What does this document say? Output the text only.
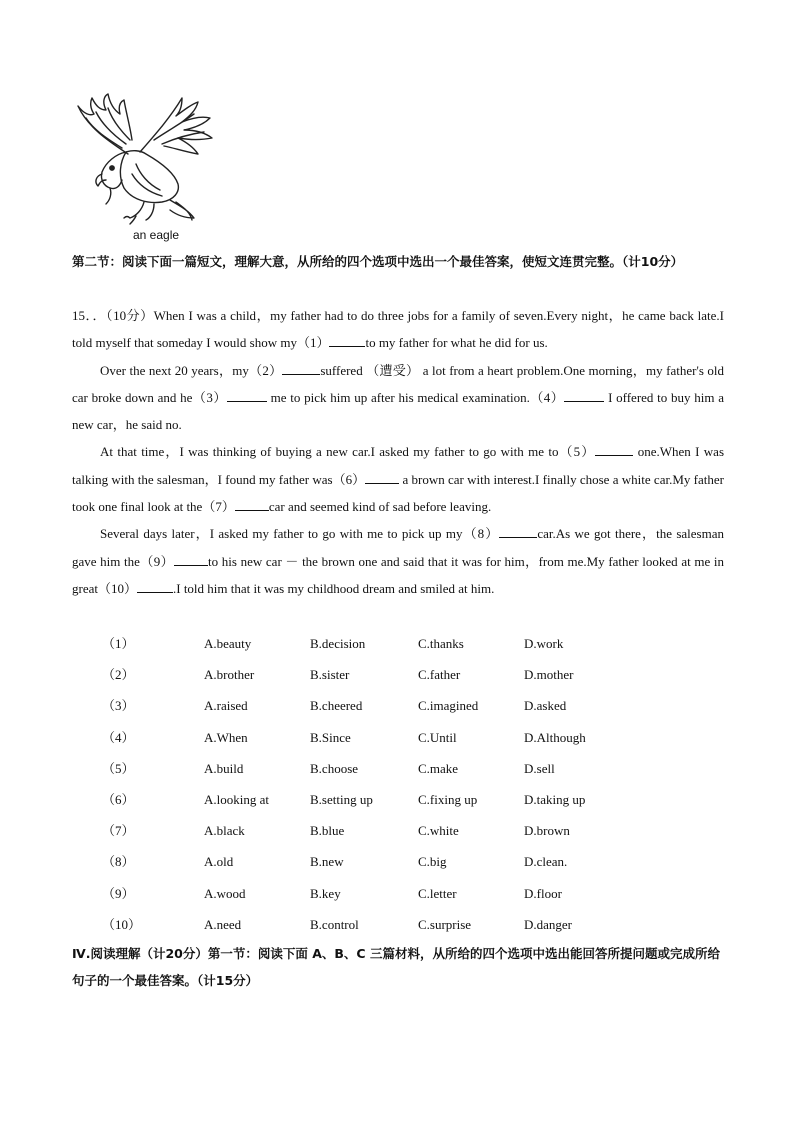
an eagle
第二节：阅读下面一篇短文，理解大意，从所给的四个选项中选出一个最佳答案，使短文连贯完整。（计10分）

15．．（10分）When I was a child，my father had to do three jobs for a family of seven.Every night，he came back late.I told myself that someday I would show my（1）	to my father for what he did for us.

Over the next 20 years，my（2）	suffered （遭受） a lot from a heart problem.One morning，my father's old car broke down and he（3）	me to pick him up after his medical examination.（4）	I offered to buy him a new car，he said no.

At that time，I was thinking of buying a new car.I asked my father to go with me to（5）	one.When I was talking with the salesman，I found my father was（6）	a brown car with interest.I finally chose a white car.My father took one final look at the（7）	car and seemed kind of sad before leaving.

Several days later，I asked my father to go with me to pick up my（8）	car.As we got there，the salesman gave him the（9）	to his new car － the brown one and said that it was for him，from me.My father looked at me in great（10）	.I told him that it was my childhood dream and smiled at him.

（1）	A.beauty	B.decision	C.thanks	D.work
（2）	A.brother	B.sister	C.father	D.mother
（3）	A.raised	B.cheered	C.imagined	D.asked
（4）	A.When	B.Since	C.Until	D.Although
（5）	A.build	B.choose	C.make	D.sell
（6）	A.looking at	B.setting up	C.fixing up	D.taking up
（7）	A.black	B.blue	C.white	D.brown
（8）	A.old	B.new	C.big	D.clean.
（9）	A.wood	B.key	C.letter	D.floor
（10）	A.need	B.control	C.surprise	D.danger
Ⅳ.阅读理解（计20分）第一节：阅读下面 A、B、C 三篇材料，从所给的四个选项中选出能回答所提问题或完成所给句子的一个最佳答案。（计15分）
